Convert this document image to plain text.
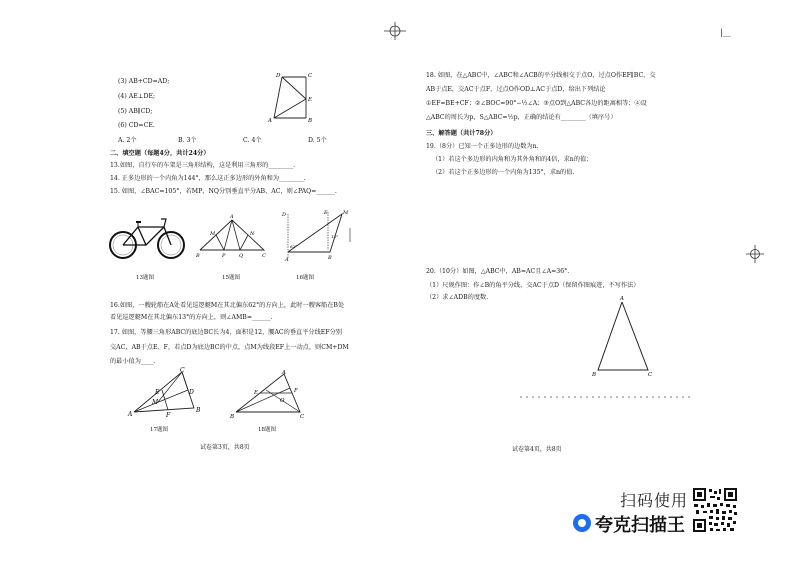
|__
(3) AB+CD=AD;
(4) AE⊥DE;
(5) AB∥CD;
(6) CD=CE.
D	C
E
B
A
A. 2个	B. 3个	C. 4个	D. 5个
二、填空题（每题4分，共计24分）
13.如图，自行车的车架是三角形结构，这是利用三角形的________.
14. 正多边形的一个内角为144°，那么这正多边形的外角和为________.
15. 如图，∠BAC=105°，若MP、NQ分别垂直平分AB、AC，则∠PAQ=______.
A
M	N
B	P	Q	C
D	E	M
62°
13°
A	B
13题图	15题图	16题图
16.如图，一艘轮船在A处看见巡逻艇M在其北偏东62°的方向上，此时一艘客船在B处
看见巡逻艇M在其北偏东13°的方向上，则∠AMB=______.
17. 如图，等腰三角形ABC的底边BC长为4，面积是12，腰AC的垂直平分线EF分别
交AC，AB于点E、F，若点D为底边BC的中点，点M为线段EF上一动点，则CM+DM
的最小值为____.
C
D
E
M
F
A
B
A
E	F
O
B	C
17题图	18题图
试卷第3页，共8页
18. 如图，在△ABC中，∠ABC和∠ACB的平分线相交于点O，过点O作EF∥BC，交
AB于点E，交AC于点F，过点O作OD⊥AC于点D，给出下列结论
①EF=BE+CF；②∠BOC=90°−½∠A；③点O到△ABC各边的距离相等；④设
△ABC的周长为p，S△ABC=½p，正确的结论有________（填序号）
三、解答题（共计78分）
19.（8分）已知一个正多边形的边数为n.
（1）若这个多边形的内角和为其外角和的4倍，求n的值；
（2）若这个正多边形的一个内角为135°，求n的值.
20.（10分）如图，△ABC中，AB=AC且∠A=36°.
（1）尺规作图：作∠B的角平分线，交AC于点D（保留作图痕迹，不写作法）
（2）求∠ADB的度数.	A
B	C
试卷第4页，共8页
扫码使用
夸克扫描王
